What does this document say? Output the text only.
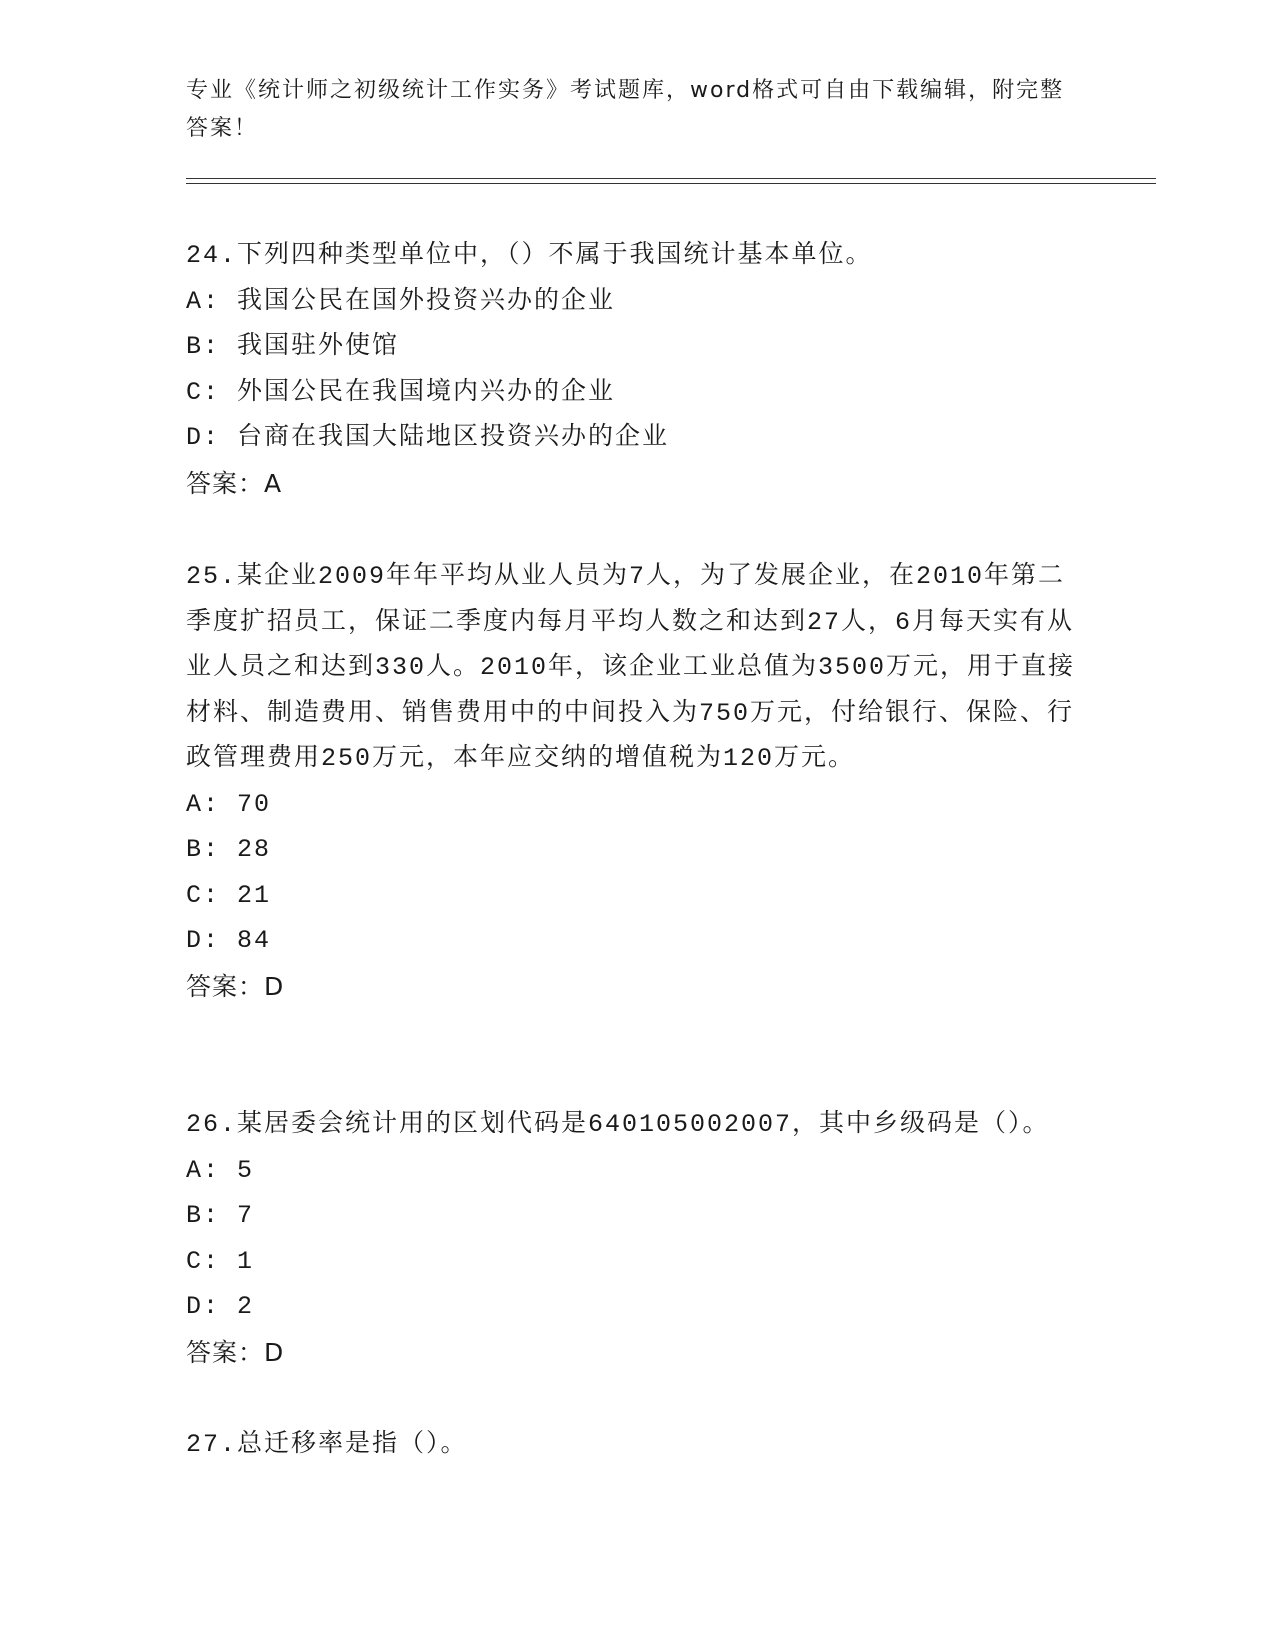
专业《统计师之初级统计工作实务》考试题库，word格式可自由下载编辑，附完整答案！
24.下列四种类型单位中，（）不属于我国统计基本单位。
A: 我国公民在国外投资兴办的企业
B: 我国驻外使馆
C: 外国公民在我国境内兴办的企业
D: 台商在我国大陆地区投资兴办的企业
答案：A
25.某企业2009年年平均从业人员为7人，为了发展企业，在2010年第二季度扩招员工，保证二季度内每月平均人数之和达到27人，6月每天实有从业人员之和达到330人。2010年，该企业工业总值为3500万元，用于直接材料、制造费用、销售费用中的中间投入为750万元，付给银行、保险、行政管理费用250万元，本年应交纳的增值税为120万元。
A: 70
B: 28
C: 21
D: 84
答案：D
26.某居委会统计用的区划代码是640105002007，其中乡级码是（）。
A: 5
B: 7
C: 1
D: 2
答案：D
27.总迁移率是指（）。
